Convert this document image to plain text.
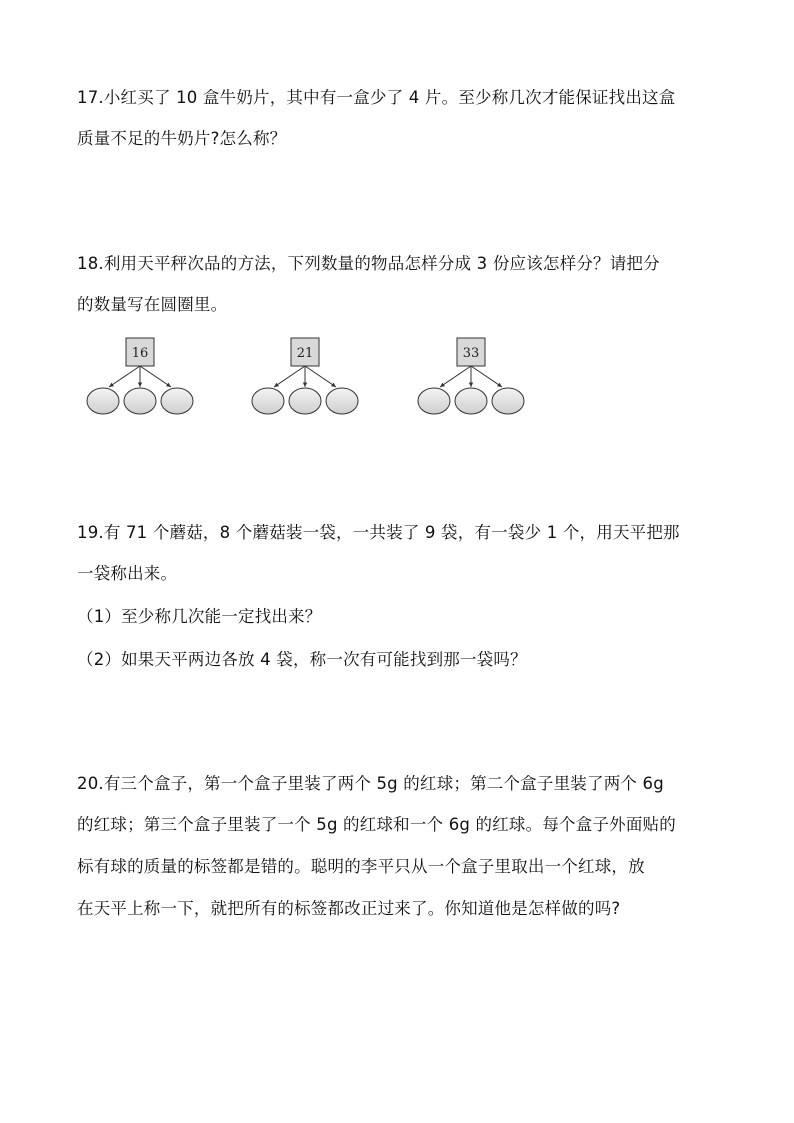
17.小红买了 10 盒牛奶片，其中有一盒少了 4 片。至少称几次才能保证找出这盒
质量不足的牛奶片?怎么称？
18.利用天平秤次品的方法，下列数量的物品怎样分成 3 份应该怎样分？请把分
的数量写在圆圈里。
16	21	33
19.有 71 个蘑菇，8 个蘑菇装一袋，一共装了 9 袋，有一袋少 1 个，用天平把那
一袋称出来。
（1）至少称几次能一定找出来？
（2）如果天平两边各放 4 袋，称一次有可能找到那一袋吗？
20.有三个盒子，第一个盒子里装了两个 5g 的红球；第二个盒子里装了两个 6g
的红球；第三个盒子里装了一个 5g 的红球和一个 6g 的红球。每个盒子外面贴的
标有球的质量的标签都是错的。聪明的李平只从一个盒子里取出一个红球，放
在天平上称一下，就把所有的标签都改正过来了。你知道他是怎样做的吗?
